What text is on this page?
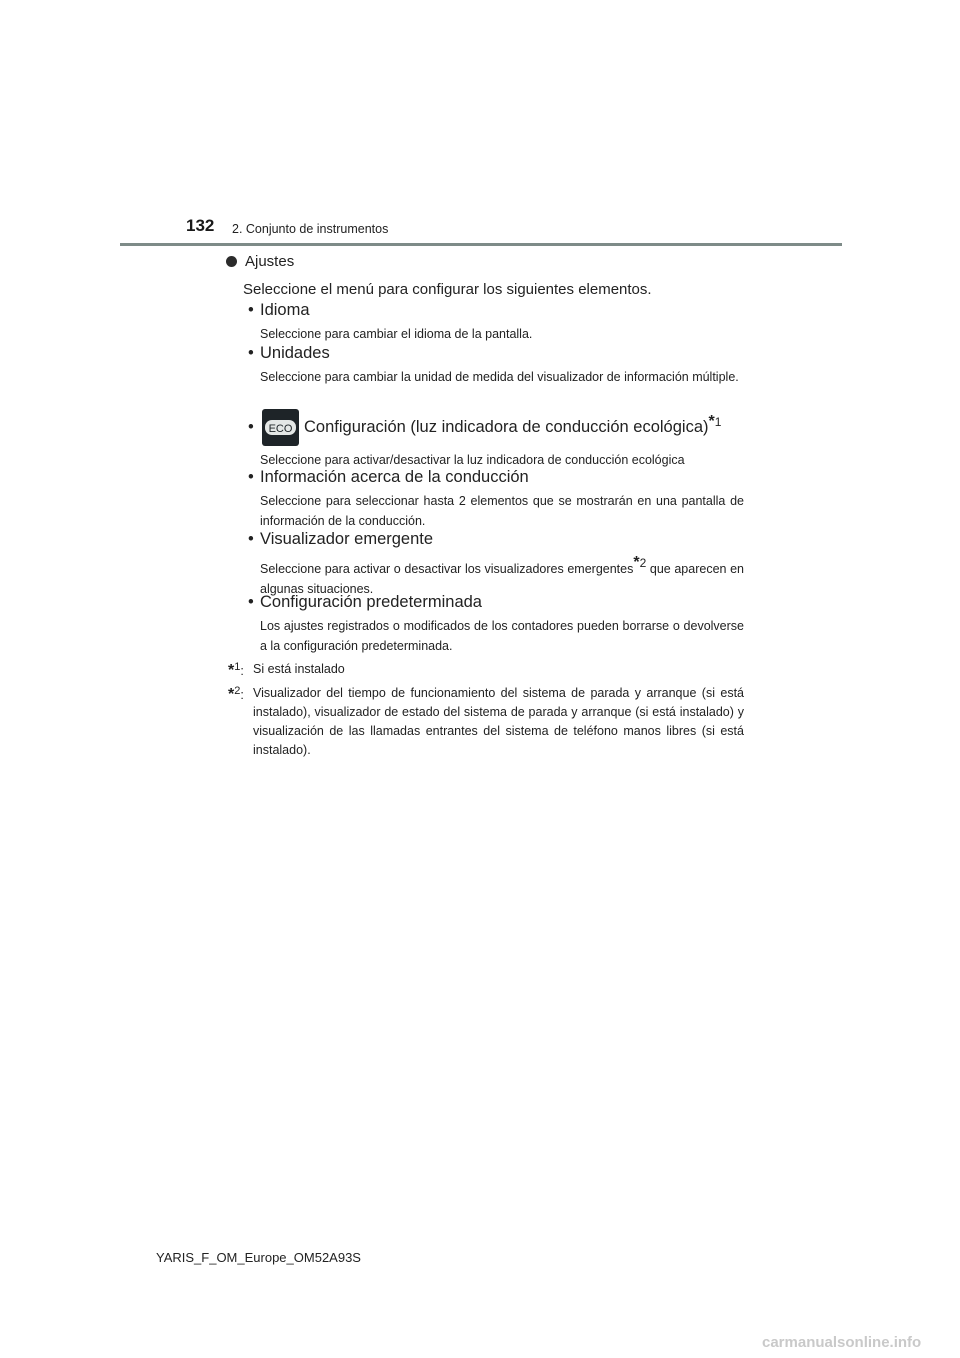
132 2. Conjunto de instrumentos
Ajustes
Seleccione el menú para configurar los siguientes elementos.
• Idioma
Seleccione para cambiar el idioma de la pantalla.
• Unidades
Seleccione para cambiar la unidad de medida del visualizador de información múltiple.
• ECO Configuración (luz indicadora de conducción ecológica)$^{*1}$
Seleccione para activar/desactivar la luz indicadora de conducción ecológica
• Información acerca de la conducción
Seleccione para seleccionar hasta 2 elementos que se mostrarán en una pantalla de información de la conducción.
• Visualizador emergente
Seleccione para activar o desactivar los visualizadores emergentes$^{*2}$ que aparecen en algunas situaciones.
• Configuración predeterminada
Los ajustes registrados o modificados de los contadores pueden borrarse o devolverse a la configuración predeterminada.
*1: Si está instalado
*2: Visualizador del tiempo de funcionamiento del sistema de parada y arranque (si está instalado), visualizador de estado del sistema de parada y arranque (si está instalado) y visualización de las llamadas entrantes del sistema de teléfono manos libres (si está instalado).
YARIS_F_OM_Europe_OM52A93S
carmanualsonline.info
